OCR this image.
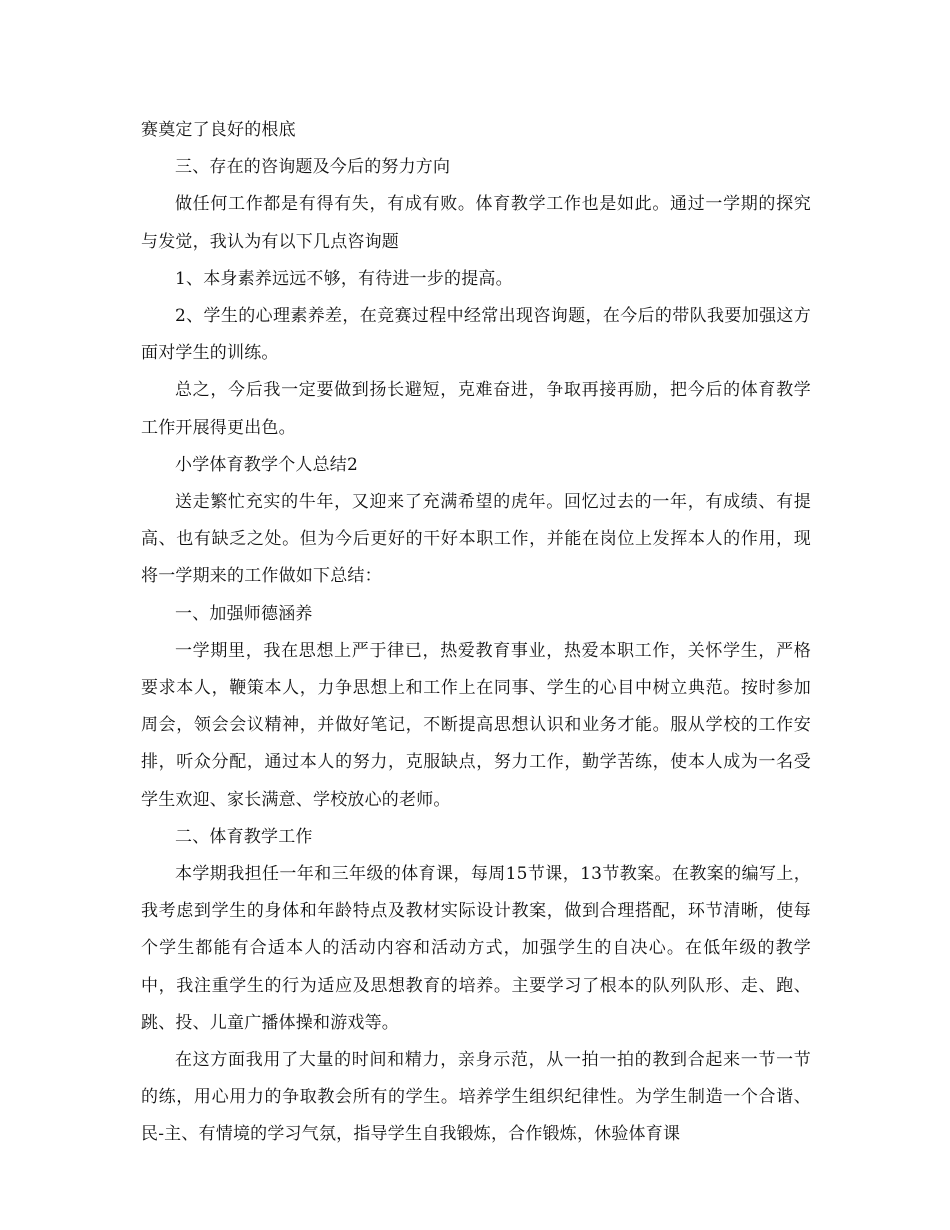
赛奠定了良好的根底

三、存在的咨询题及今后的努力方向

做任何工作都是有得有失，有成有败。体育教学工作也是如此。通过一学期的探究与发觉，我认为有以下几点咨询题

1、本身素养远远不够，有待进一步的提高。

2、学生的心理素养差，在竞赛过程中经常出现咨询题，在今后的带队我要加强这方面对学生的训练。

总之，今后我一定要做到扬长避短，克难奋进，争取再接再励，把今后的体育教学工作开展得更出色。

小学体育教学个人总结2

送走繁忙充实的牛年，又迎来了充满希望的虎年。回忆过去的一年，有成绩、有提高、也有缺乏之处。但为今后更好的干好本职工作，并能在岗位上发挥本人的作用，现将一学期来的工作做如下总结：

一、加强师德涵养

一学期里，我在思想上严于律已，热爱教育事业，热爱本职工作，关怀学生，严格要求本人，鞭策本人，力争思想上和工作上在同事、学生的心目中树立典范。按时参加周会，领会会议精神，并做好笔记，不断提高思想认识和业务才能。服从学校的工作安排，听众分配，通过本人的努力，克服缺点，努力工作，勤学苦练，使本人成为一名受学生欢迎、家长满意、学校放心的老师。

二、体育教学工作

本学期我担任一年和三年级的体育课，每周15节课，13节教案。在教案的编写上，我考虑到学生的身体和年龄特点及教材实际设计教案，做到合理搭配，环节清晰，使每个学生都能有合适本人的活动内容和活动方式，加强学生的自决心。在低年级的教学中，我注重学生的行为适应及思想教育的培养。主要学习了根本的队列队形、走、跑、跳、投、儿童广播体操和游戏等。

在这方面我用了大量的时间和精力，亲身示范，从一拍一拍的教到合起来一节一节的练，用心用力的争取教会所有的学生。培养学生组织纪律性。为学生制造一个合谐、民-主、有情境的学习气氛，指导学生自我锻炼，合作锻炼，休验体育课
